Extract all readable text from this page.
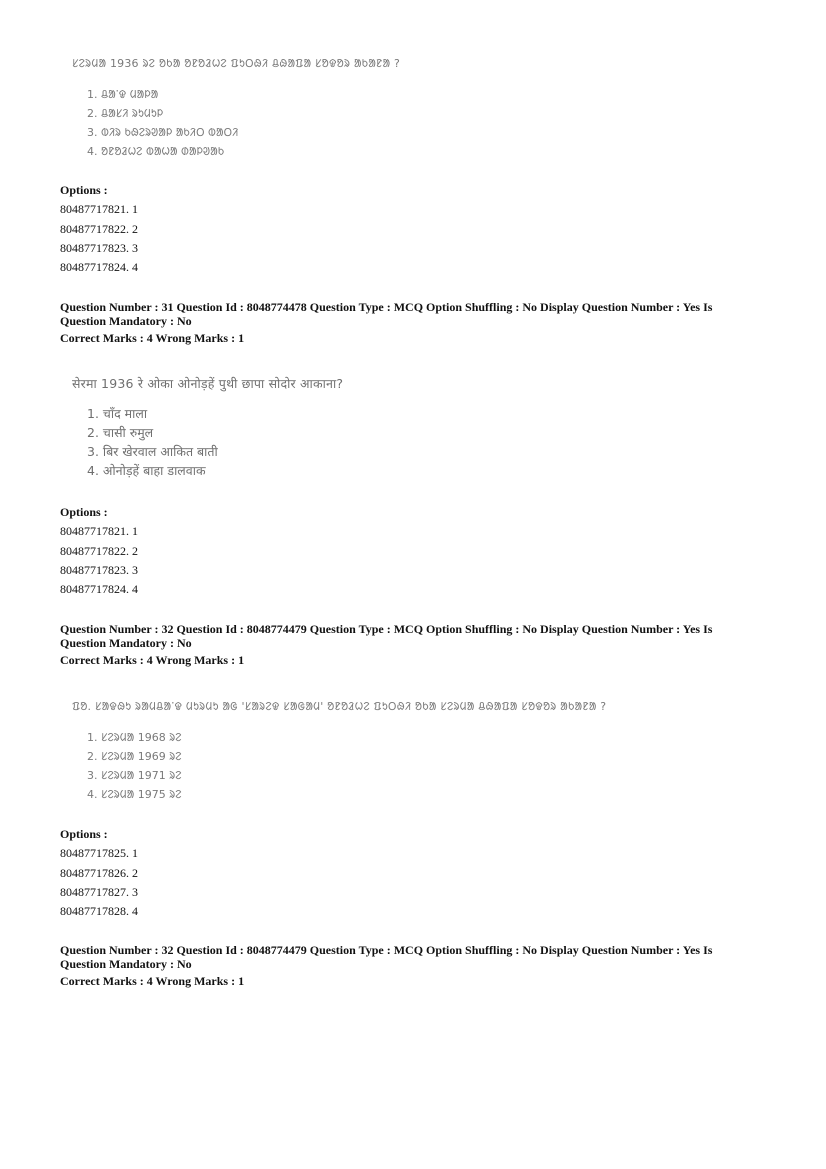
ᱥᱮᱨᱢᱟ 1936 ᱨᱮ ᱚᱠᱟ ᱚᱱᱚᱲᱦᱮ ᱯᱩᱛᱷᱤ ᱪᱷᱟᱯᱟ ᱥᱚᱫᱚᱨ ᱟᱠᱟᱱᱟ ?
1. ᱪᱟᱸᱫ ᱢᱟᱞᱟ
2. ᱪᱟᱥᱤ ᱨᱩᱢᱩᱞ
3. ᱵᱤᱨ ᱠᱷᱮᱨᱣᱟᱞ ᱟᱠᱤᱛ ᱵᱟᱛᱤ
4. ᱚᱱᱚᱲᱦᱮ ᱵᱟᱦᱟ ᱰᱟᱞᱣᱟᱠ
Options :
80487717821. 1
80487717822. 2
80487717823. 3
80487717824. 4
Question Number : 31 Question Id : 8048774478 Question Type : MCQ Option Shuffling : No Display Question Number : Yes Is
Question Mandatory : No
Correct Marks : 4 Wrong Marks : 1
सेरमा 1936 रे ओका ओनोड़हें पुथी छापा सोदोर आकाना?
1. चाँद माला
2. चासी रुमुल
3. बिर खेरवाल आकित बाती
4. ओनोड़हें बाहा डालवाक
Options :
80487717821. 1
80487717822. 2
80487717823. 3
80487717824. 4
Question Number : 32 Question Id : 8048774479 Question Type : MCQ Option Shuffling : No Display Question Number : Yes Is
Question Mandatory : No
Correct Marks : 4 Wrong Marks : 1
ᱯᱚ. ᱥᱟᱫᱷᱩ ᱨᱟᱢᱪᱟᱸᱫ ᱢᱩᱨᱢᱩ ᱟᱜ 'ᱥᱟᱨᱮᱫ ᱥᱟᱜᱟᱢ' ᱚᱱᱚᱲᱦᱮ ᱯᱩᱛᱷᱤ ᱚᱠᱟ ᱥᱮᱨᱢᱟ ᱪᱷᱟᱯᱟ ᱥᱚᱫᱚᱨ ᱟᱠᱟᱱᱟ ?
1. ᱥᱮᱨᱢᱟ 1968 ᱨᱮ
2. ᱥᱮᱨᱢᱟ 1969 ᱨᱮ
3. ᱥᱮᱨᱢᱟ 1971 ᱨᱮ
4. ᱥᱮᱨᱢᱟ 1975 ᱨᱮ
Options :
80487717825. 1
80487717826. 2
80487717827. 3
80487717828. 4
Question Number : 32 Question Id : 8048774479 Question Type : MCQ Option Shuffling : No Display Question Number : Yes Is
Question Mandatory : No
Correct Marks : 4 Wrong Marks : 1
